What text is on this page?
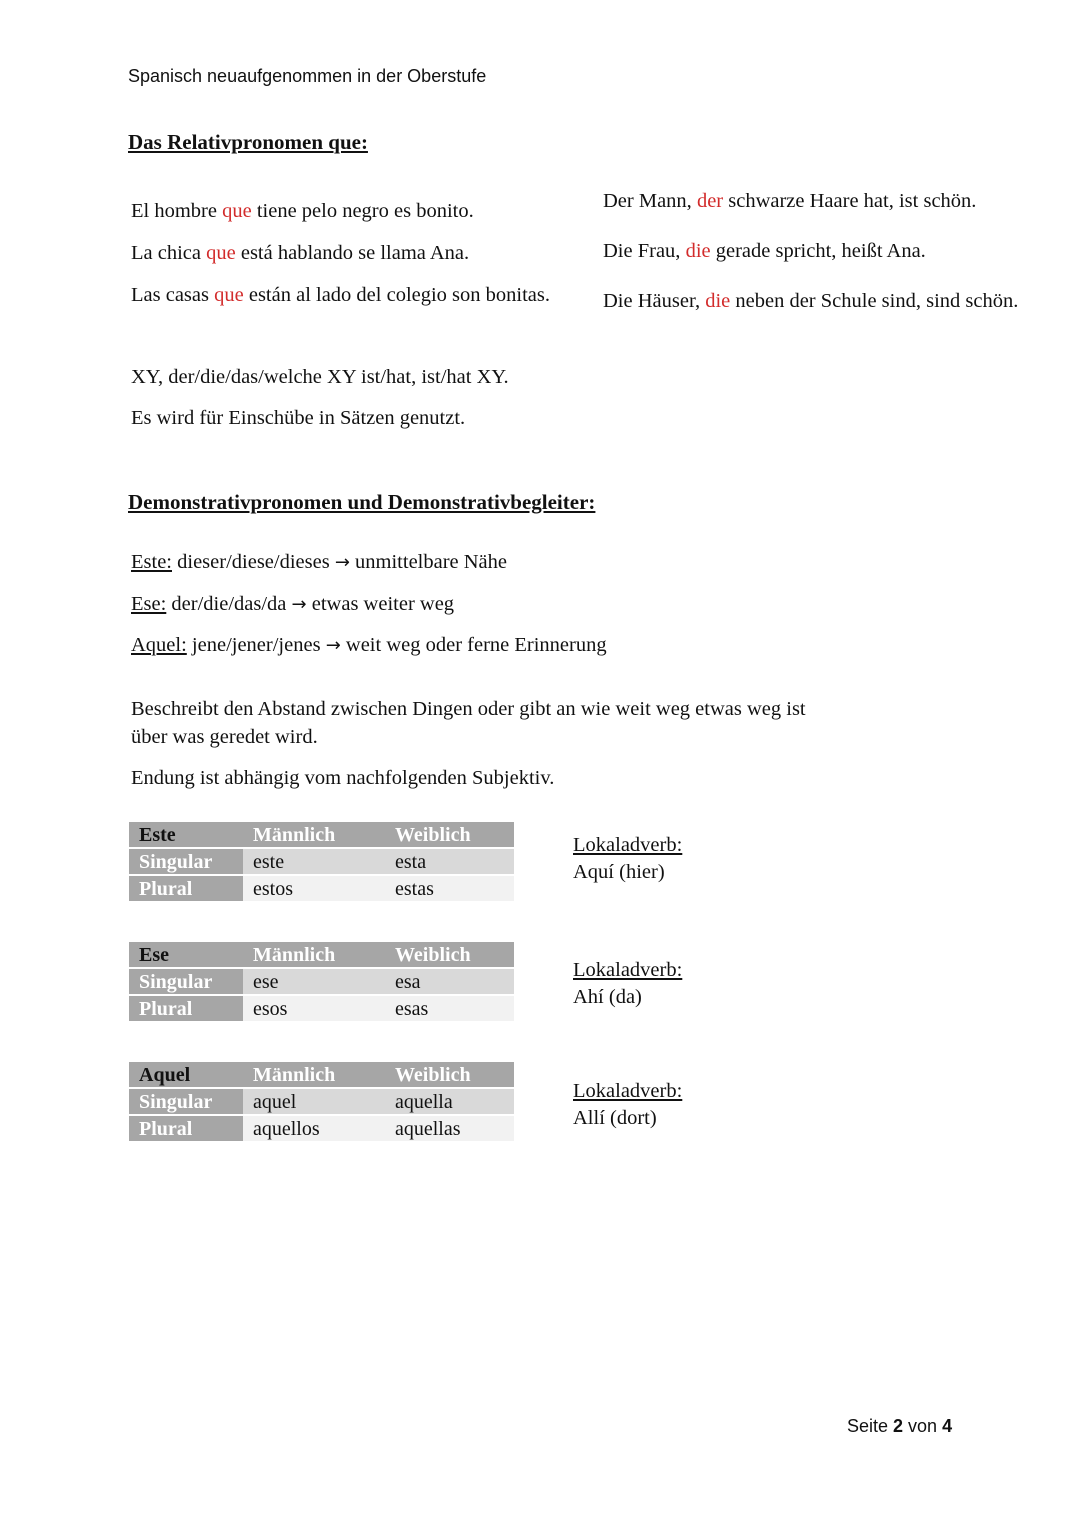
Spanisch neuaufgenommen in der Oberstufe
Das Relativpronomen que:
El hombre que tiene pelo negro es bonito.
La chica que está hablando se llama Ana.
Las casas que están al lado del colegio son bonitas.
Der Mann, der schwarze Haare hat, ist schön.
Die Frau, die gerade spricht, heißt Ana.
Die Häuser, die neben der Schule sind, sind schön.
XY, der/die/das/welche XY ist/hat, ist/hat XY.
Es wird für Einschübe in Sätzen genutzt.
Demonstrativpronomen und Demonstrativbegleiter:
Este: dieser/diese/dieses → unmittelbare Nähe
Ese: der/die/das/da → etwas weiter weg
Aquel: jene/jener/jenes → weit weg oder ferne Erinnerung
Beschreibt den Abstand zwischen Dingen oder gibt an wie weit weg etwas weg ist
über was geredet wird.
Endung ist abhängig vom nachfolgenden Subjektiv.
Este	Männlich	Weiblich
Singular	este	esta
Plural	estos	estas
Lokaladverb:
Aquí (hier)
Ese	Männlich	Weiblich
Singular	ese	esa
Plural	esos	esas
Lokaladverb:
Ahí (da)
Aquel	Männlich	Weiblich
Singular	aquel	aquella
Plural	aquellos	aquellas
Lokaladverb:
Allí (dort)
Seite 2 von 4
